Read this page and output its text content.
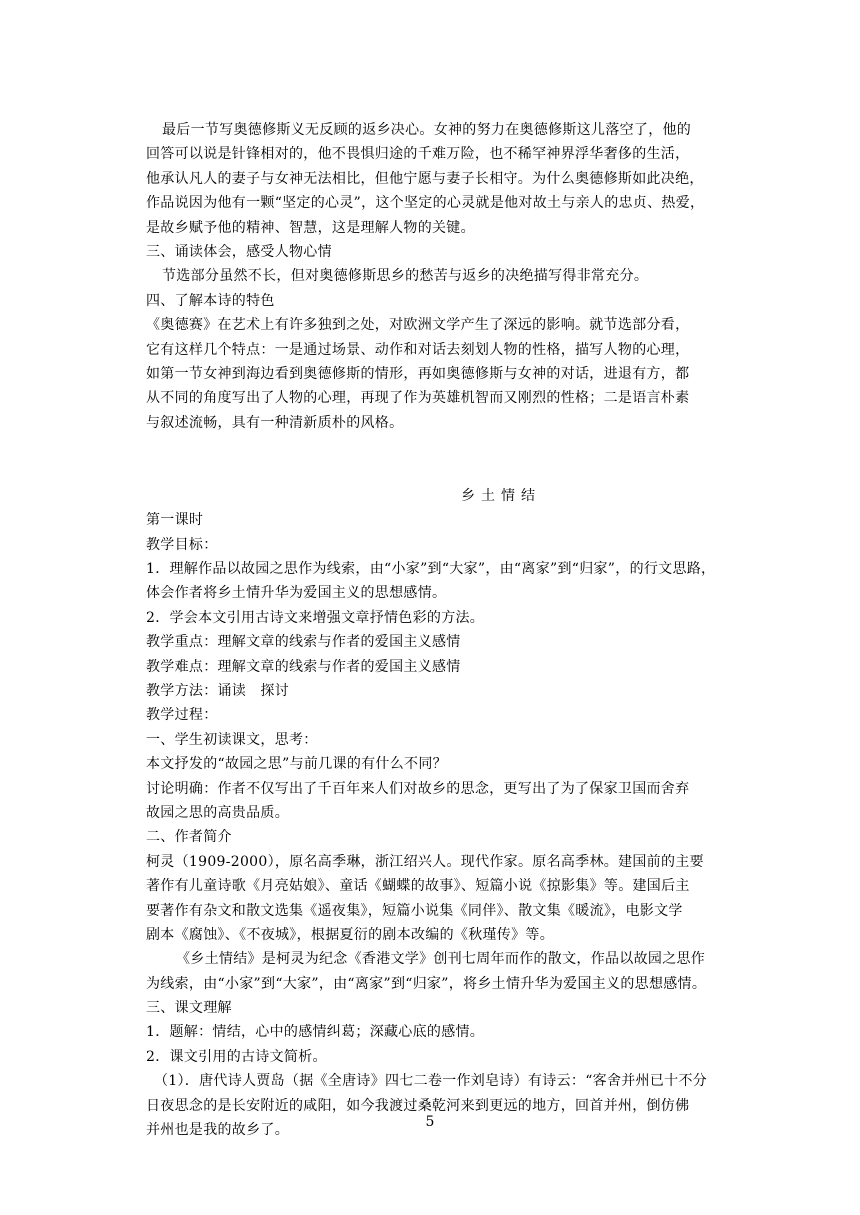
最后一节写奥德修斯义无反顾的返乡决心。女神的努力在奥德修斯这儿落空了，他的
回答可以说是针锋相对的，他不畏惧归途的千难万险，也不稀罕神界浮华奢侈的生活，
他承认凡人的妻子与女神无法相比，但他宁愿与妻子长相守。为什么奥德修斯如此决绝，
作品说因为他有一颗“坚定的心灵”，这个坚定的心灵就是他对故土与亲人的忠贞、热爱，
是故乡赋予他的精神、智慧，这是理解人物的关键。
三、诵读体会，感受人物心情
节选部分虽然不长，但对奥德修斯思乡的愁苦与返乡的决绝描写得非常充分。
四、了解本诗的特色
《奥德赛》在艺术上有许多独到之处，对欧洲文学产生了深远的影响。就节选部分看，
它有这样几个特点：一是通过场景、动作和对话去刻划人物的性格，描写人物的心理，
如第一节女神到海边看到奥德修斯的情形，再如奥德修斯与女神的对话，进退有方，都
从不同的角度写出了人物的心理，再现了作为英雄机智而又刚烈的性格；二是语言朴素
与叙述流畅，具有一种清新质朴的风格。
乡土情结
第一课时
教学目标：
1．理解作品以故园之思作为线索，由“小家”到“大家”，由“离家”到“归家”，的行文思路，
体会作者将乡土情升华为爱国主义的思想感情。
2．学会本文引用古诗文来增强文章抒情色彩的方法。
教学重点：理解文章的线索与作者的爱国主义感情
教学难点：理解文章的线索与作者的爱国主义感情
教学方法：诵读　探讨
教学过程：
一、学生初读课文，思考：
本文抒发的“故园之思”与前几课的有什么不同？
讨论明确：作者不仅写出了千百年来人们对故乡的思念，更写出了为了保家卫国而舍弃
故园之思的高贵品质。
二、作者简介
柯灵（1909-2000），原名高季琳，浙江绍兴人。现代作家。原名高季林。建国前的主要
著作有儿童诗歌《月亮姑娘》、童话《蝴蝶的故事》、短篇小说《掠影集》等。建国后主
要著作有杂文和散文选集《遥夜集》，短篇小说集《同伴》、散文集《暖流》，电影文学
剧本《腐蚀》、《不夜城》，根据夏衍的剧本改编的《秋瑾传》等。
《乡土情结》是柯灵为纪念《香港文学》创刊七周年而作的散文，作品以故园之思作
为线索，由“小家”到“大家”，由“离家”到“归家”，将乡土情升华为爱国主义的思想感情。
三、课文理解
1．题解：情结，心中的感情纠葛；深藏心底的感情。
2．课文引用的古诗文简析。
（1）．唐代诗人贾岛（据《全唐诗》四七二卷一作刘皂诗）有诗云：“客舍并州已十不分
日夜思念的是长安附近的咸阳，如今我渡过桑乾河来到更远的地方，回首并州，倒仿佛
并州也是我的故乡了。
5
